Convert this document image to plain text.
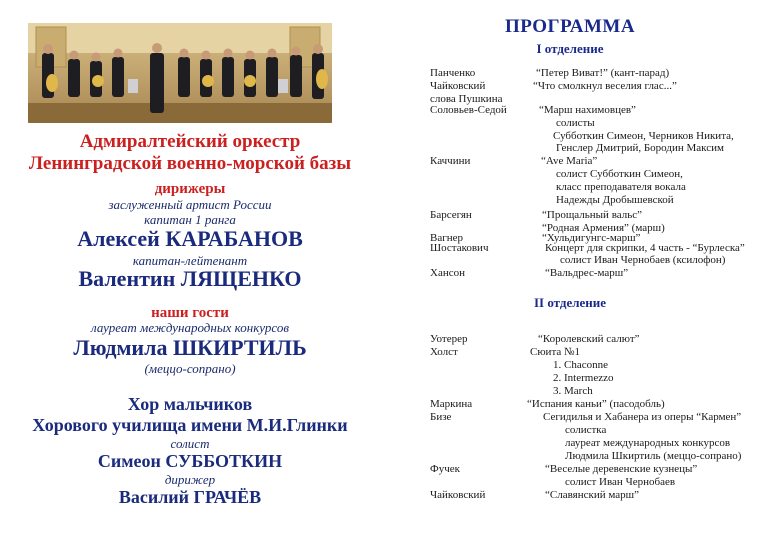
Адмиралтейский оркестр
Ленинградской военно-морской базы
дирижеры
заслуженный артист России
капитан 1 ранга
Алексей КАРАБАНОВ
капитан-лейтенант
Валентин ЛЯЩЕНКО
наши гости
лауреат международных конкурсов
Людмила ШКИРТИЛЬ
(меццо-сопрано)
Хор мальчиков
Хорового училища имени М.И.Глинки
солист
Симеон СУББОТКИН
дирижер
Василий ГРАЧЁВ
ПРОГРАММА
I отделение
Панченко	“Петер Виват!” (кант-парад)
Чайковский	“Что смолкнул веселия глас...”
слова Пушкина
Соловьев-Седой	“Марш нахимовцев”
солисты
Субботкин Симеон, Черников Никита,
Генслер Дмитрий, Бородин Максим
Каччини	“Ave Maria”
солист Субботкин Симеон,
класс преподавателя вокала
Надежды Дробышевской
Барсегян	“Прощальный вальс”
“Родная Армения” (марш)
Вагнер	“Хульдигунгс-марш”
Шостакович	Концерт для скрипки, 4 часть - “Бурлеска”
солист Иван Чернобаев (ксилофон)
Хансон	“Вальдрес-марш”
II отделение
Уотерер	“Королевский салют”
Холст	Сюита №1
1. Chaconne
2. Intermezzo
3. March
Маркина	“Испания каньи” (пасодобль)
Бизе	Сегидилья и Хабанера из оперы “Кармен”
солистка
лауреат международных конкурсов
Людмила Шкиртиль (меццо-сопрано)
Фучек	“Веселые деревенские кузнецы”
солист Иван Чернобаев
Чайковский	“Славянский марш”
